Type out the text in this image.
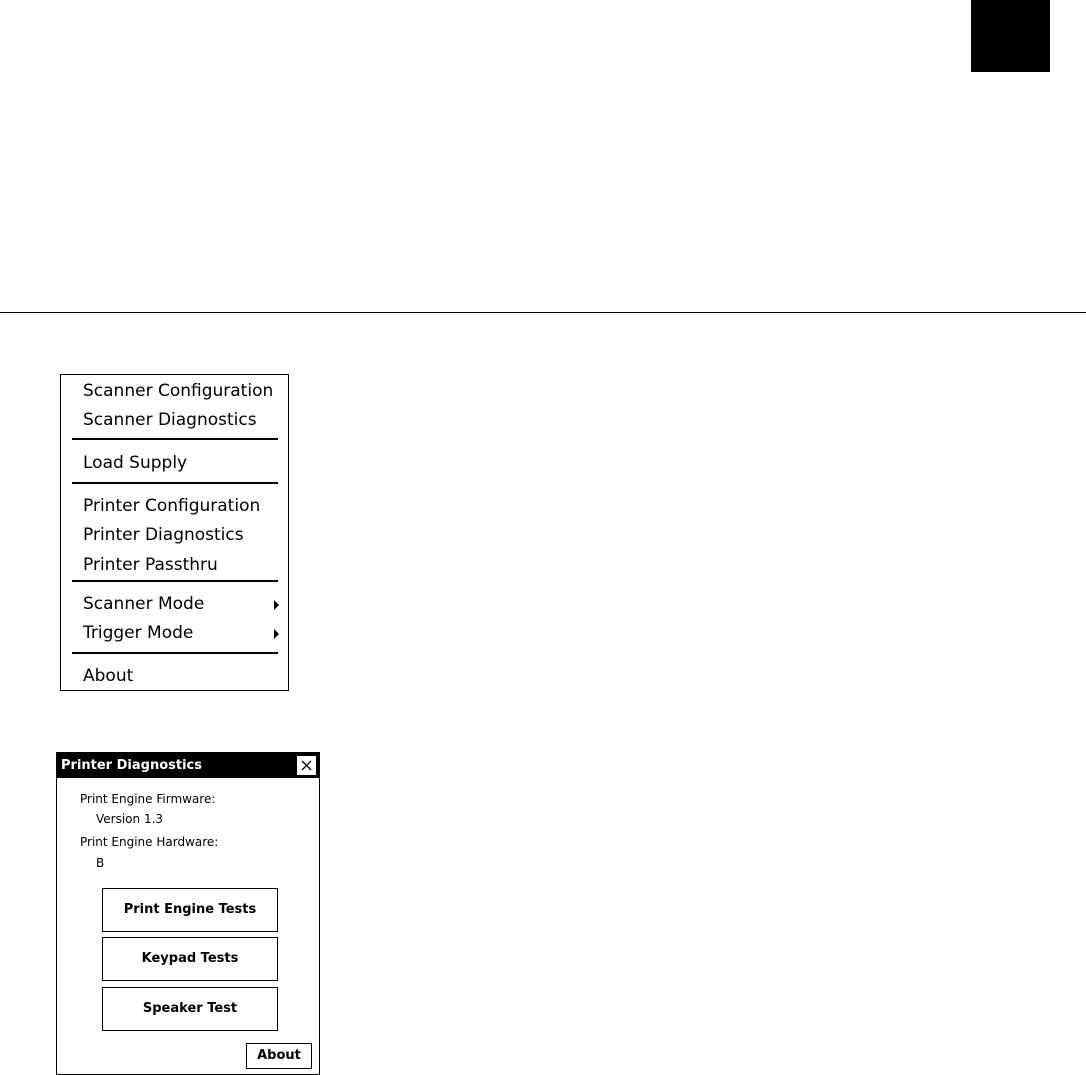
Scanner Configuration
Scanner Diagnostics
Load Supply
Printer Configuration
Printer Diagnostics
Printer Passthru
Scanner Mode
Trigger Mode
About
Printer Diagnostics
Print Engine Firmware:
Version 1.3
Print Engine Hardware:
B
Print Engine Tests
Keypad Tests
Speaker Test
About
